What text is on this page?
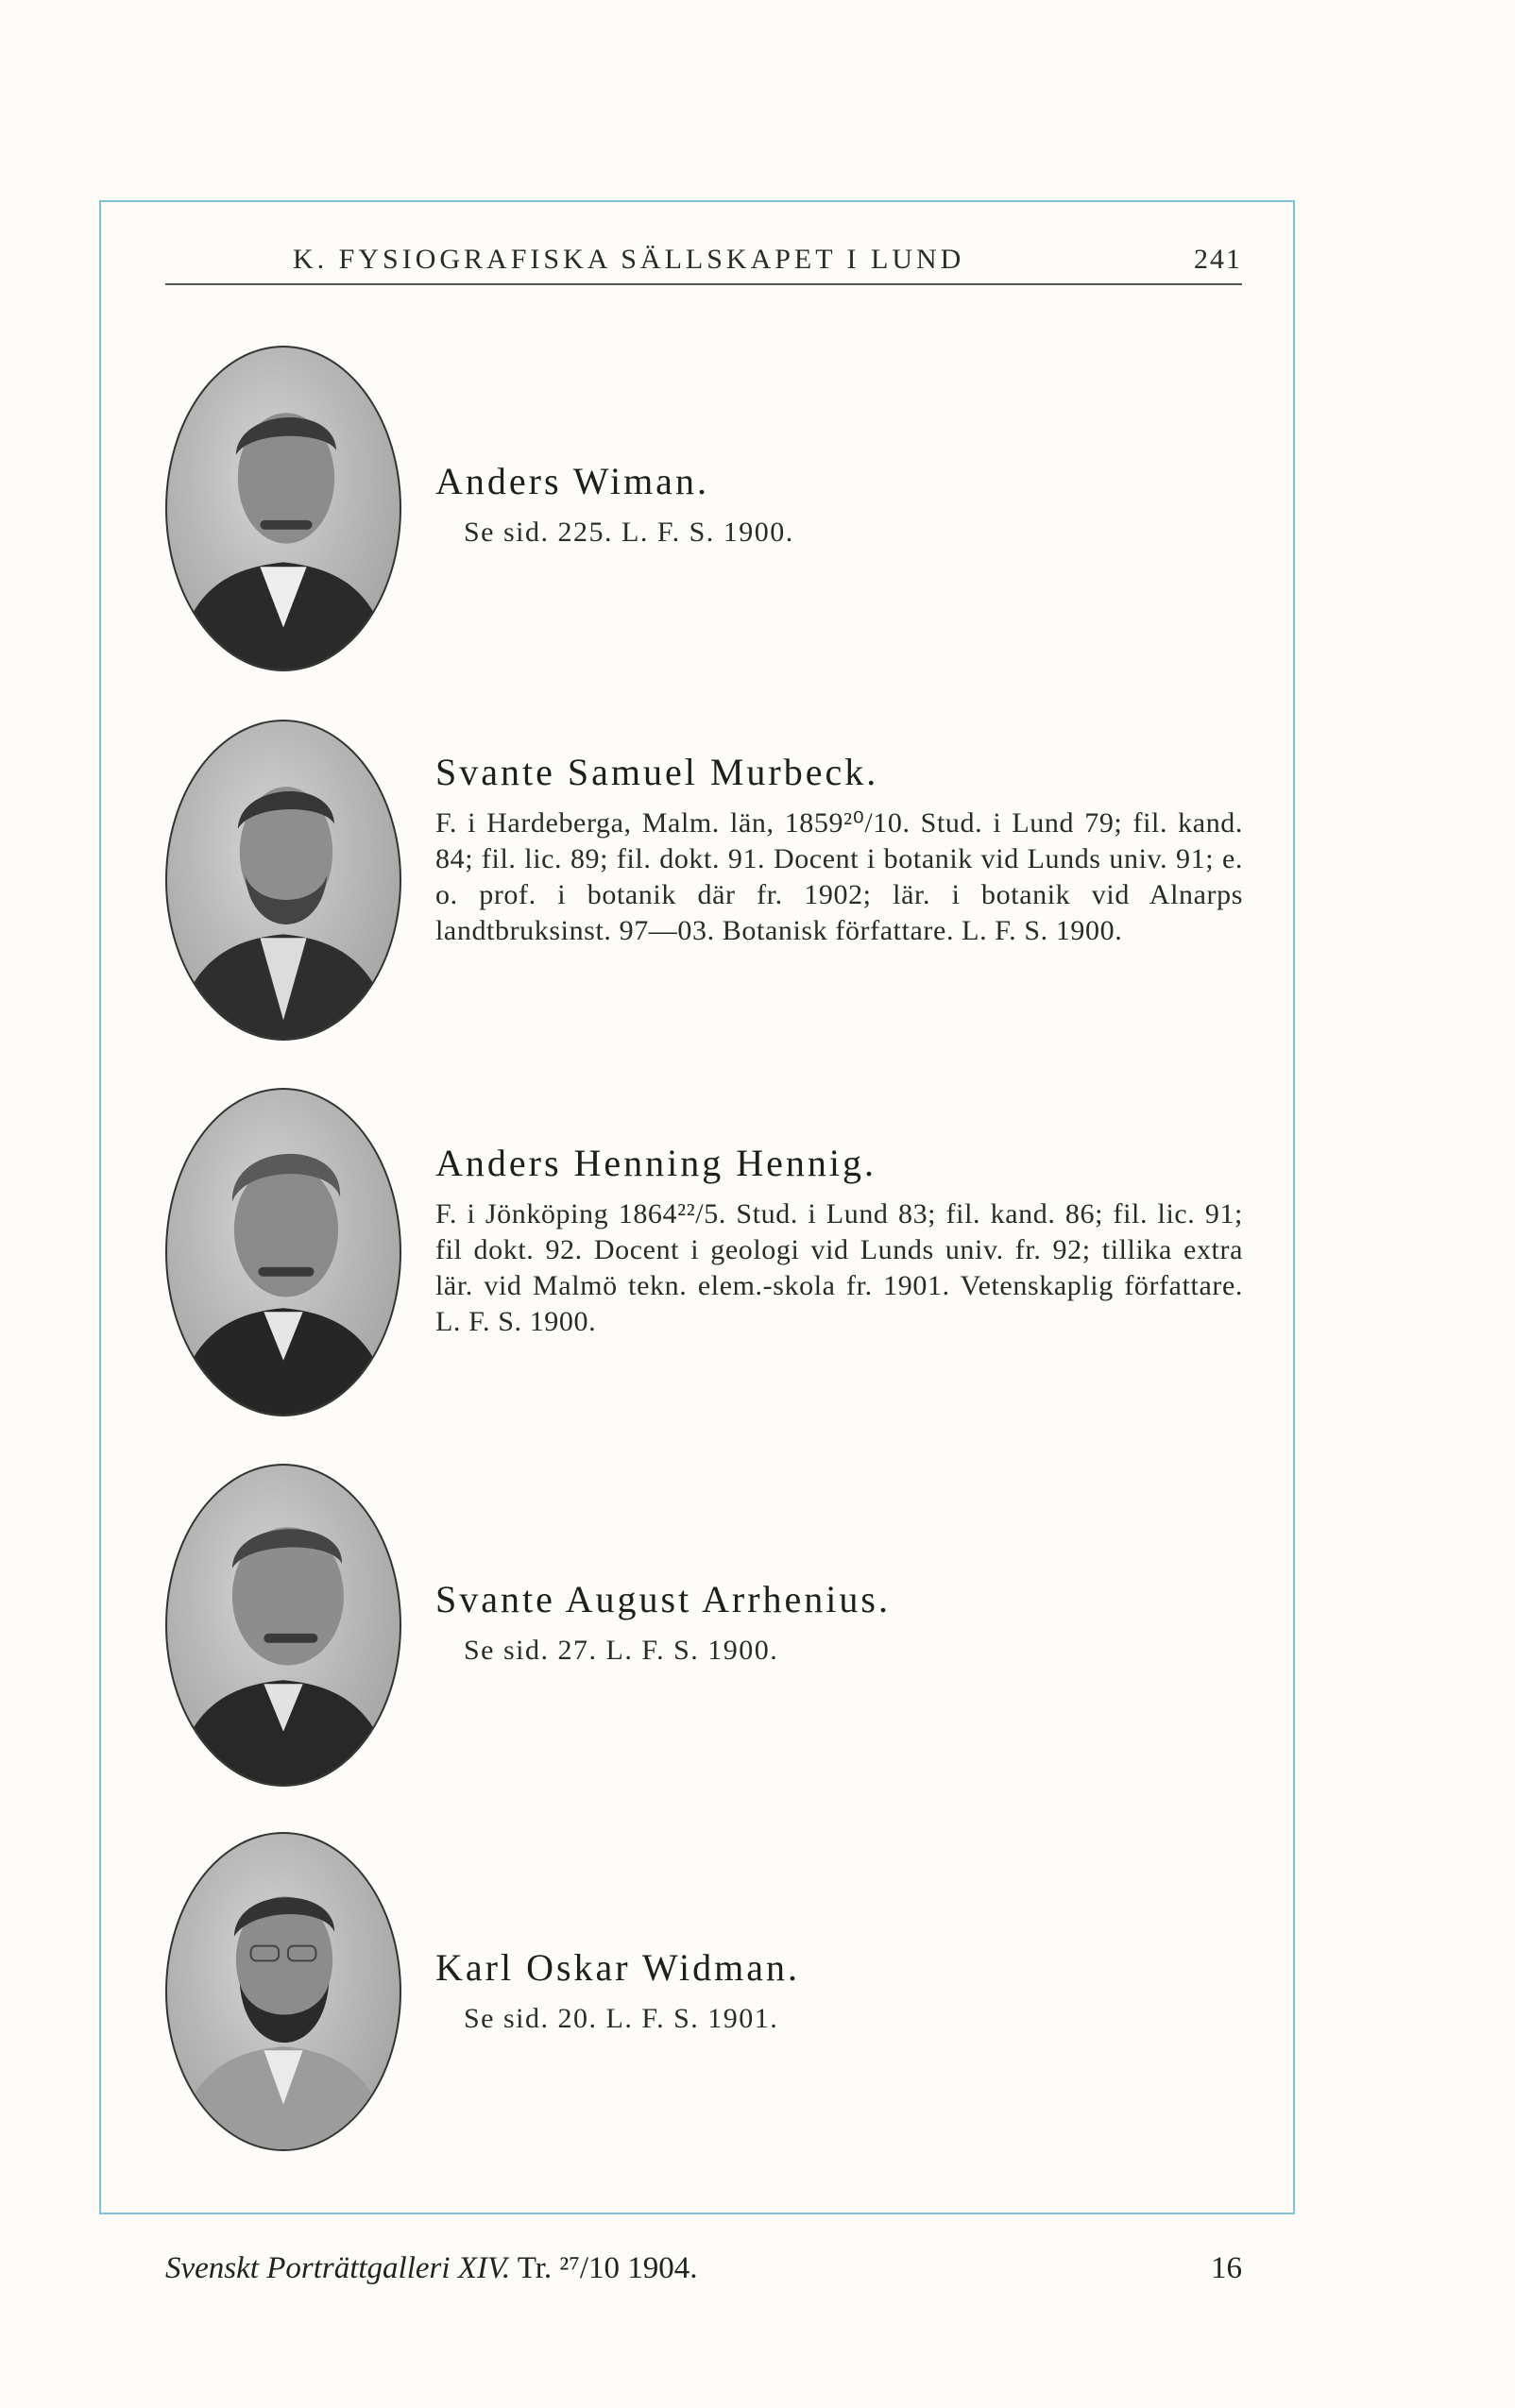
K. FYSIOGRAFISKA SÄLLSKAPET I LUND	241

Anders Wiman.

Se sid. 225. L. F. S. 1900.

Svante Samuel Murbeck.

F. i Hardeberga, Malm. län, 1859²⁰/10. Stud. i Lund 79; fil. kand. 84; fil. lic. 89; fil. dokt. 91. Docent i botanik vid Lunds univ. 91; e. o. prof. i botanik där fr. 1902; lär. i botanik vid Alnarps landtbruksinst. 97—03. Botanisk författare. L. F. S. 1900.

Anders Henning Hennig.

F. i Jönköping 1864²²/5. Stud. i Lund 83; fil. kand. 86; fil. lic. 91; fil dokt. 92. Docent i geologi vid Lunds univ. fr. 92; tillika extra lär. vid Malmö tekn. elem.-skola fr. 1901. Vetenskaplig författare. L. F. S. 1900.

Svante August Arrhenius.

Se sid. 27. L. F. S. 1900.

Karl Oskar Widman.

Se sid. 20. L. F. S. 1901.

Svenskt Porträttgalleri XIV. Tr. ²⁷/10 1904.	16
